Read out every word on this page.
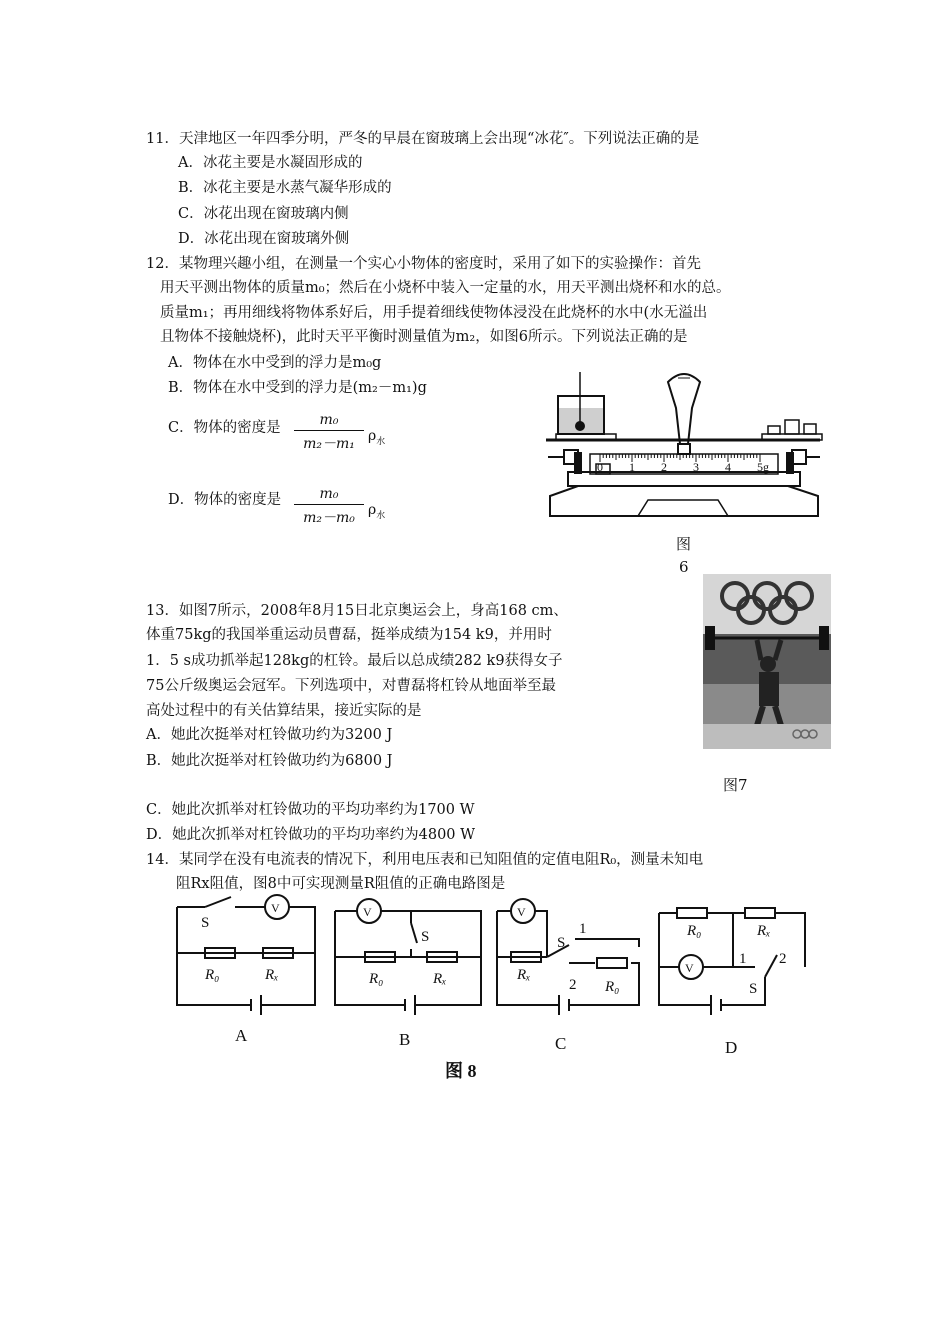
11．天津地区一年四季分明，严冬的早晨在窗玻璃上会出现“冰花″。下列说法正确的是
A．冰花主要是水凝固形成的
B．冰花主要是水蒸气凝华形成的
C．冰花出现在窗玻璃内侧
D．冰花出现在窗玻璃外侧
12．某物理兴趣小组，在测量一个实心小物体的密度时，采用了如下的实验操作：首先
用天平测出物体的质量m₀；然后在小烧杯中装入一定量的水，用天平测出烧杯和水的总。
质量m₁；再用细线将物体系好后，用手提着细线使物体浸没在此烧杯的水中(水无溢出
且物体不接触烧杯)，此时天平平衡时测量值为m₂，如图6所示。下列说法正确的是
A．物体在水中受到的浮力是m₀g
B．物体在水中受到的浮力是(m₂－m₁)g
C．物体的密度是	m₀
m₂－m₁ $\rho_水$
D．物体的密度是	m₀
m₂－m₀ $\rho_水$
0 1 2 3 4 5g
图
6
13．如图7所示，2008年8月15日北京奥运会上，身高168 cm、
体重75kg的我国举重运动员曹磊，挺举成绩为154 k9，并用时
1．5 s成功抓举起128kg的杠铃。最后以总成绩282 k9获得女子
75公斤级奥运会冠军。下列选项中，对曹磊将杠铃从地面举至最
高处过程中的有关估算结果，接近实际的是
A．她此次挺举对杠铃做功约为3200 J
B．她此次挺举对杠铃做功约为6800 J
C．她此次抓举对杠铃做功的平均功率约为1700 W
D．她此次抓举对杠铃做功的平均功率约为4800 W
图7
14．某同学在没有电流表的情况下，利用电压表和已知阻值的定值电阻R₀，测量未知电
阻Rx阻值，图8中可实现测量R阻值的正确电路图是
S
V
R₀	Rₓ
V
S
R₀	Rₓ
V
S
1
2
Rₓ
R₀
R₀	Rₓ
V
1 2
S
A	B	C	D
图 8
